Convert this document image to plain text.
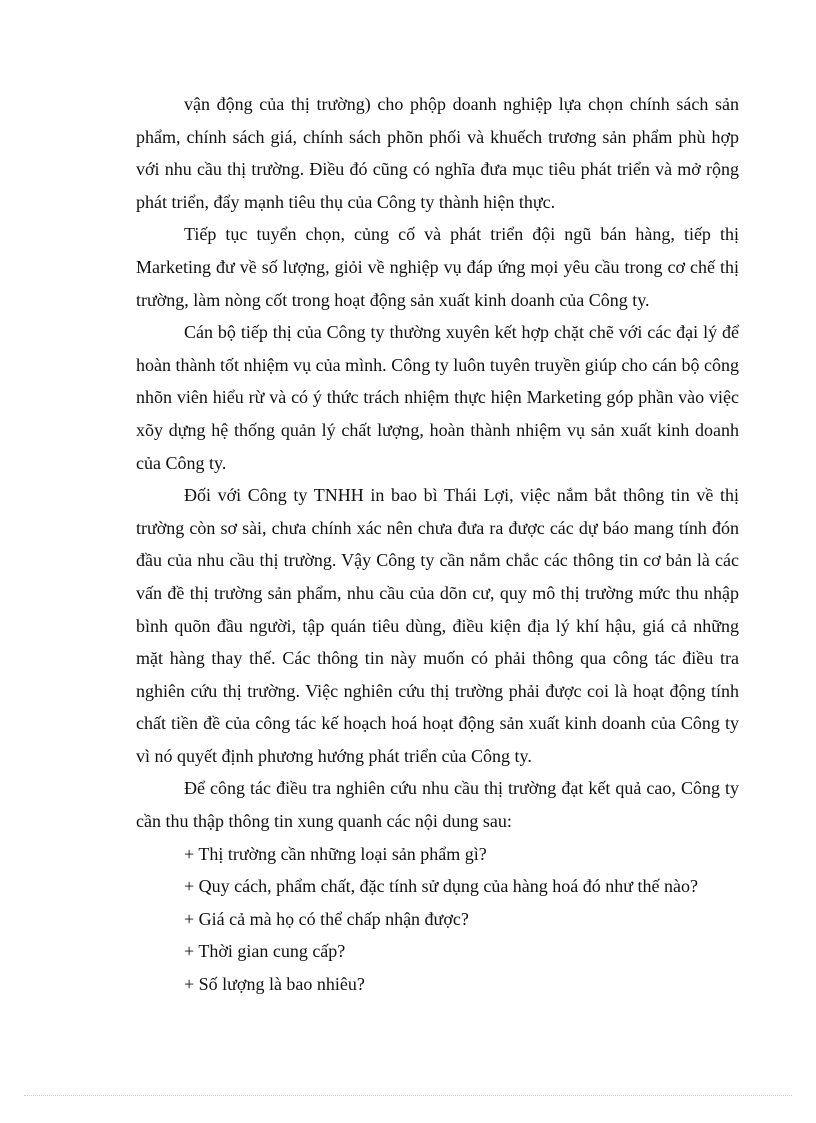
vận động của thị trường) cho phộp doanh nghiệp lựa chọn chính sách sản phẩm, chính sách giá, chính sách phõn phối và khuếch trương sản phẩm phù hợp với nhu cầu thị trường. Điều đó cũng có nghĩa đưa mục tiêu phát triển và mở rộng phát triển, đẩy mạnh tiêu thụ của Công ty thành hiện thực.

Tiếp tục tuyển chọn, củng cố và phát triển đội ngũ bán hàng, tiếp thị Marketing đư về số lượng, giỏi về nghiệp vụ đáp ứng mọi yêu cầu trong cơ chế thị trường, làm nòng cốt trong hoạt động sản xuất kinh doanh của Công ty.

Cán bộ tiếp thị của Công ty thường xuyên kết hợp chặt chẽ với các đại lý để hoàn thành tốt nhiệm vụ của mình. Công ty luôn tuyên truyền giúp cho cán bộ công nhõn viên hiểu rừ và có ý thức trách nhiệm thực hiện Marketing góp phần vào việc xõy dựng hệ thống quản lý chất lượng, hoàn thành nhiệm vụ sản xuất kinh doanh của Công ty.

Đối với Công ty TNHH in bao bì Thái Lợi, việc nắm bắt thông tin về thị trường còn sơ sài, chưa chính xác nên chưa đưa ra được các dự báo mang tính đón đầu của nhu cầu thị trường. Vậy Công ty cần nắm chắc các thông tin cơ bản là các vấn đề thị trường sản phẩm, nhu cầu của dõn cư, quy mô thị trường mức thu nhập bình quõn đầu người, tập quán tiêu dùng, điều kiện địa lý khí hậu, giá cả những mặt hàng thay thế. Các thông tin này muốn có phải thông qua công tác điều tra nghiên cứu thị trường. Việc nghiên cứu thị trường phải được coi là hoạt động tính chất tiền đề của công tác kế hoạch hoá hoạt động sản xuất kinh doanh của Công ty vì nó quyết định phương hướng phát triển của Công ty.

Để công tác điều tra nghiên cứu nhu cầu thị trường đạt kết quả cao, Công ty cần thu thập thông tin xung quanh các nội dung sau:

+ Thị trường cần những loại sản phẩm gì?
+ Quy cách, phẩm chất, đặc tính sử dụng của hàng hoá đó như thế nào?
+ Giá cả mà họ có thể chấp nhận được?
+ Thời gian cung cấp?
+ Số lượng là bao nhiêu?
